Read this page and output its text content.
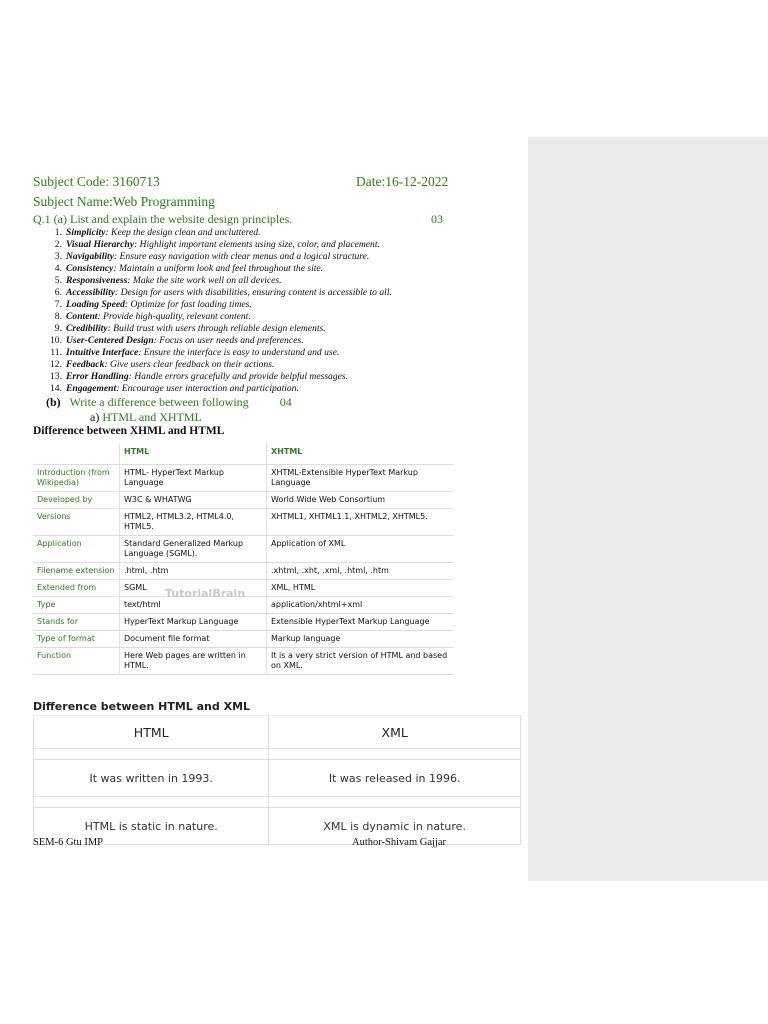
Subject Code: 3160713	Date:16-12-2022
Subject Name:Web Programming
Q.1 (a) List and explain the website design principles.	03
1. Simplicity : Keep the design clean and uncluttered.
2. Visual Hierarchy : Highlight important elements using size, color, and placement.
3. Navigability : Ensure easy navigation with clear menus and a logical structure.
4. Consistency : Maintain a uniform look and feel throughout the site.
5. Responsiveness : Make the site work well on all devices.
6. Accessibility : Design for users with disabilities, ensuring content is accessible to all.
7. Loading Speed : Optimize for fast loading times.
8. Content : Provide high-quality, relevant content.
9. Credibility : Build trust with users through reliable design elements.
10. User-Centered Design : Focus on user needs and preferences.
11. Intuitive Interface : Ensure the interface is easy to understand and use.
12. Feedback : Give users clear feedback on their actions.
13. Error Handling : Handle errors gracefully and provide helpful messages.
14. Engagement : Encourage user interaction and participation.
(b) Write a difference between following	04
a) HTML and XHTML
Difference between XHML and HTML
	HTML	XHTML
Introduction (from Wikipedia)	HTML- HyperText Markup Language	XHTML-Extensible HyperText Markup Language
Developed by	W3C & WHATWG	World Wide Web Consortium
Versions	HTML2, HTML3.2, HTML4.0, HTML5.	XHTML1, XHTML1.1, XHTML2, XHTML5.
Application	Standard Generalized Markup Language (SGML).	Application of XML
Filename extension	.html, .htm	.xhtml, .xht, .xml, .html, .htm
Extended from	SGML	XML, HTML
Type	text/html	application/xhtml+xml
Stands for	HyperText Markup Language	Extensible HyperText Markup Language
Type of format	Document file format	Markup language
Function	Here Web pages are written in HTML.	It is a very strict version of HTML and based on XML.
TutorialBrain
Difference between HTML and XML
HTML	XML

It was written in 1993.	It was released in 1996.

HTML is static in nature.	XML is dynamic in nature.
SEM-6 Gtu IMP	Author-Shivam Gajjar
